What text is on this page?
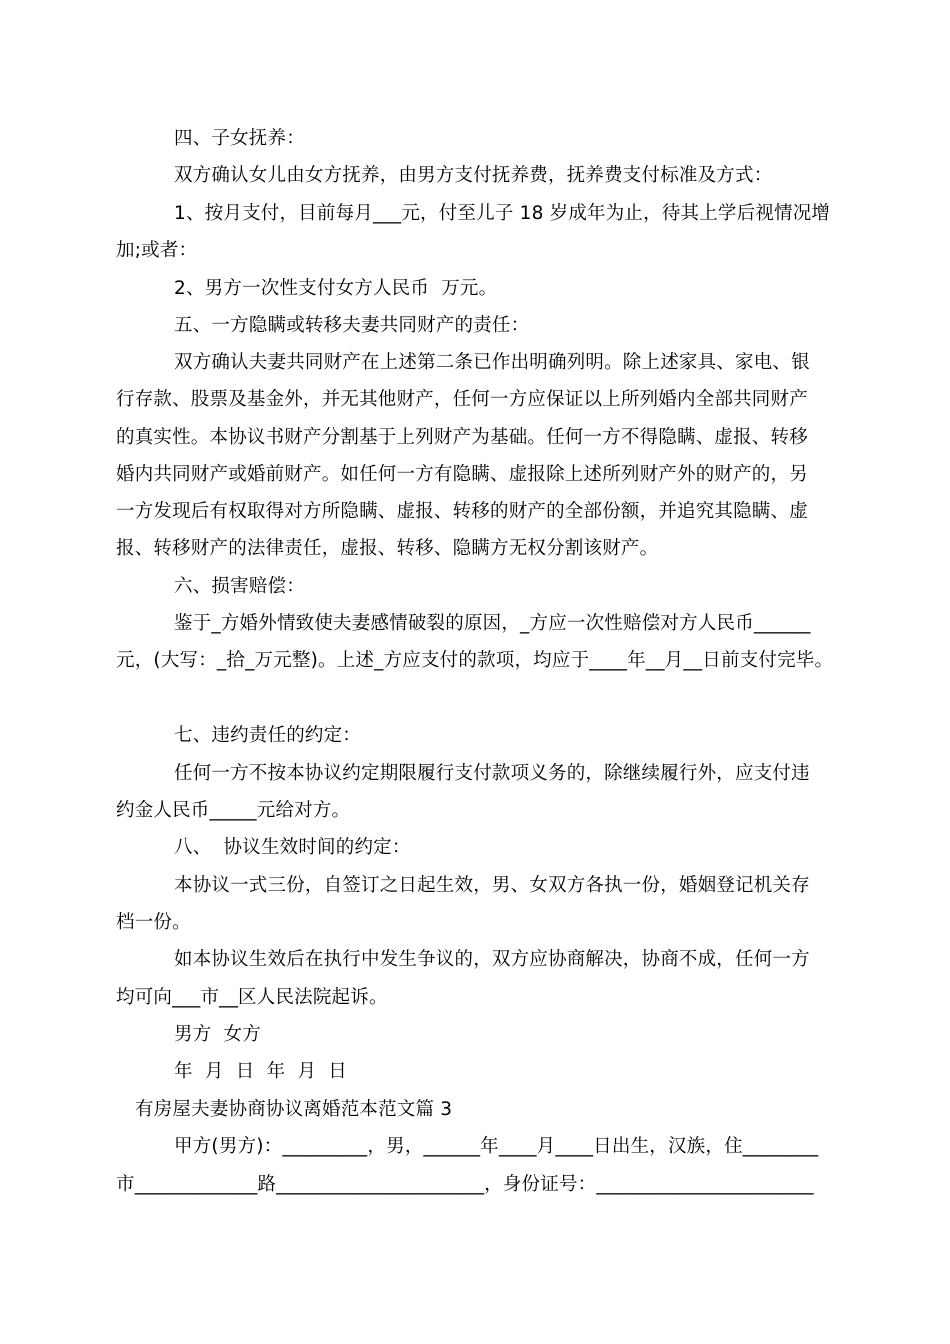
四、子女抚养：
双方确认女儿由女方抚养，由男方支付抚养费，抚养费支付标准及方式：
1、按月支付，目前每月___元，付至儿子 18 岁成年为止，待其上学后视情况增
加;或者：
2、男方一次性支付女方人民币  万元。
五、一方隐瞒或转移夫妻共同财产的责任：
双方确认夫妻共同财产在上述第二条已作出明确列明。除上述家具、家电、银
行存款、股票及基金外，并无其他财产，任何一方应保证以上所列婚内全部共同财产
的真实性。本协议书财产分割基于上列财产为基础。任何一方不得隐瞒、虚报、转移
婚内共同财产或婚前财产。如任何一方有隐瞒、虚报除上述所列财产外的财产的，另
一方发现后有权取得对方所隐瞒、虚报、转移的财产的全部份额，并追究其隐瞒、虚
报、转移财产的法律责任，虚报、转移、隐瞒方无权分割该财产。
六、损害赔偿：
鉴于_方婚外情致使夫妻感情破裂的原因，_方应一次性赔偿对方人民币______
元，(大写：_拾_万元整)。上述_方应支付的款项，均应于____年__月__日前支付完毕。
七、违约责任的约定：
任何一方不按本协议约定期限履行支付款项义务的，除继续履行外，应支付违
约金人民币_____元给对方。
八、  协议生效时间的约定：
本协议一式三份，自签订之日起生效，男、女双方各执一份，婚姻登记机关存
档一份。
如本协议生效后在执行中发生争议的，双方应协商解决，协商不成，任何一方
均可向___市__区人民法院起诉。
男方  女方
年  月  日  年  月  日
有房屋夫妻协商协议离婚范本范文篇 3
甲方(男方)：_________，男，______年____月____日出生，汉族，住________
市_____________路______________________，身份证号：_______________________
